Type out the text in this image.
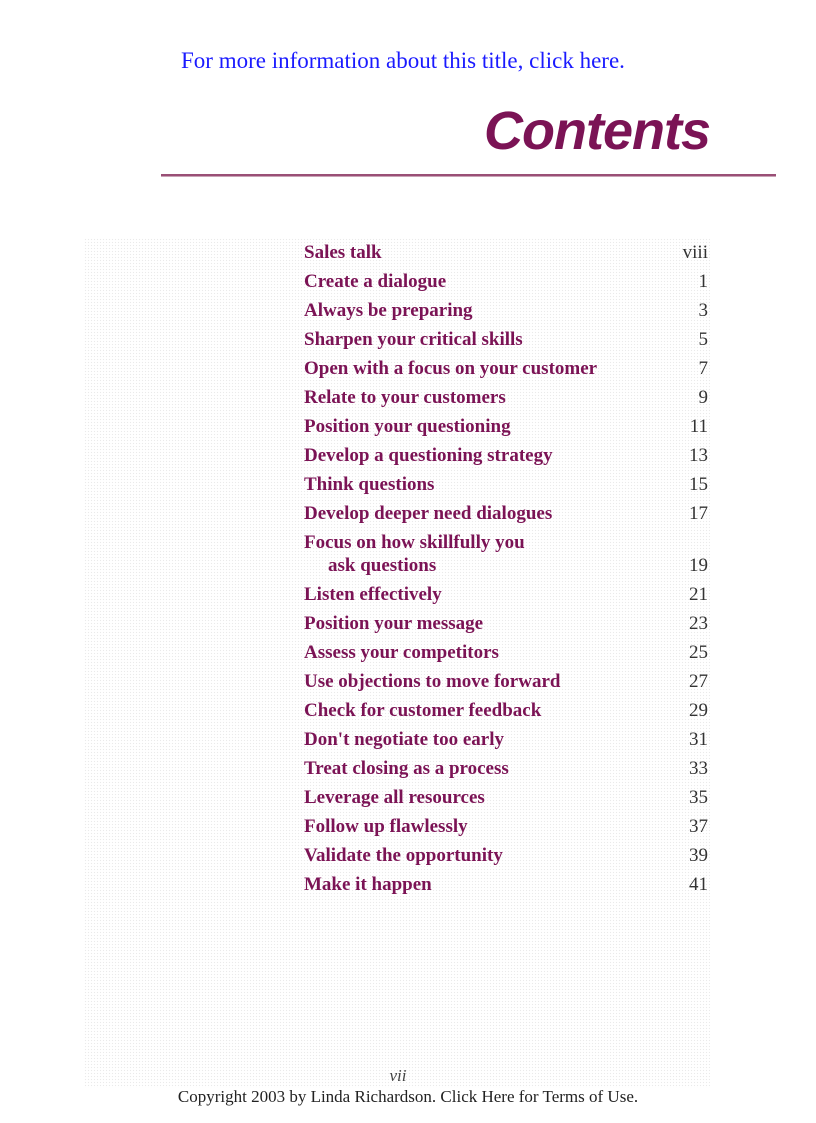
For more information about this title, click here.
Contents
Sales talk	viii
Create a dialogue	1
Always be preparing	3
Sharpen your critical skills	5
Open with a focus on your customer	7
Relate to your customers	9
Position your questioning	11
Develop a questioning strategy	13
Think questions	15
Develop deeper need dialogues	17
Focus on how skillfully you
ask questions	19
Listen effectively	21
Position your message	23
Assess your competitors	25
Use objections to move forward	27
Check for customer feedback	29
Don't negotiate too early	31
Treat closing as a process	33
Leverage all resources	35
Follow up flawlessly	37
Validate the opportunity	39
Make it happen	41
vii
Copyright 2003 by Linda Richardson. Click Here for Terms of Use.
